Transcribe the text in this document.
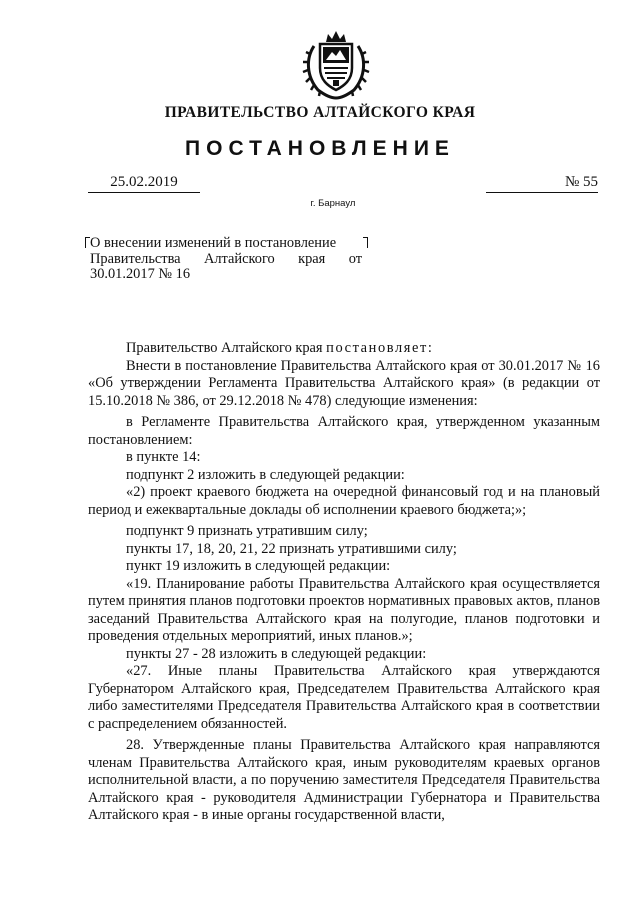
ПРАВИТЕЛЬСТВО АЛТАЙСКОГО КРАЯ
ПОСТАНОВЛЕНИЕ
25.02.2019	№ 55
г. Барнаул
О внесении изменений в постановление
Правительства Алтайского края от
30.01.2017 № 16

Правительство Алтайского края постановляет:

Внести в постановление Правительства Алтайского края от 30.01.2017 № 16 «Об утверждении Регламента Правительства Алтайского края» (в редакции от 15.10.2018 № 386, от 29.12.2018 № 478) следующие изменения:

в Регламенте Правительства Алтайского края, утвержденном указанным постановлением:

в пункте 14:

подпункт 2 изложить в следующей редакции:

«2) проект краевого бюджета на очередной финансовый год и на плановый период и ежеквартальные доклады об исполнении краевого бюджета;»;

подпункт 9 признать утратившим силу;

пункты 17, 18, 20, 21, 22 признать утратившими силу;

пункт 19 изложить в следующей редакции:

«19. Планирование работы Правительства Алтайского края осуществляется путем принятия планов подготовки проектов нормативных правовых актов, планов заседаний Правительства Алтайского края на полугодие, планов подготовки и проведения отдельных мероприятий, иных планов.»;

пункты 27 - 28 изложить в следующей редакции:

«27. Иные планы Правительства Алтайского края утверждаются Губернатором Алтайского края, Председателем Правительства Алтайского края либо заместителями Председателя Правительства Алтайского края в соответствии с распределением обязанностей.

28. Утвержденные планы Правительства Алтайского края направляются членам Правительства Алтайского края, иным руководителям краевых органов исполнительной власти, а по поручению заместителя Председателя Правительства Алтайского края - руководителя Администрации Губернатора и Правительства Алтайского края - в иные органы государственной власти,
